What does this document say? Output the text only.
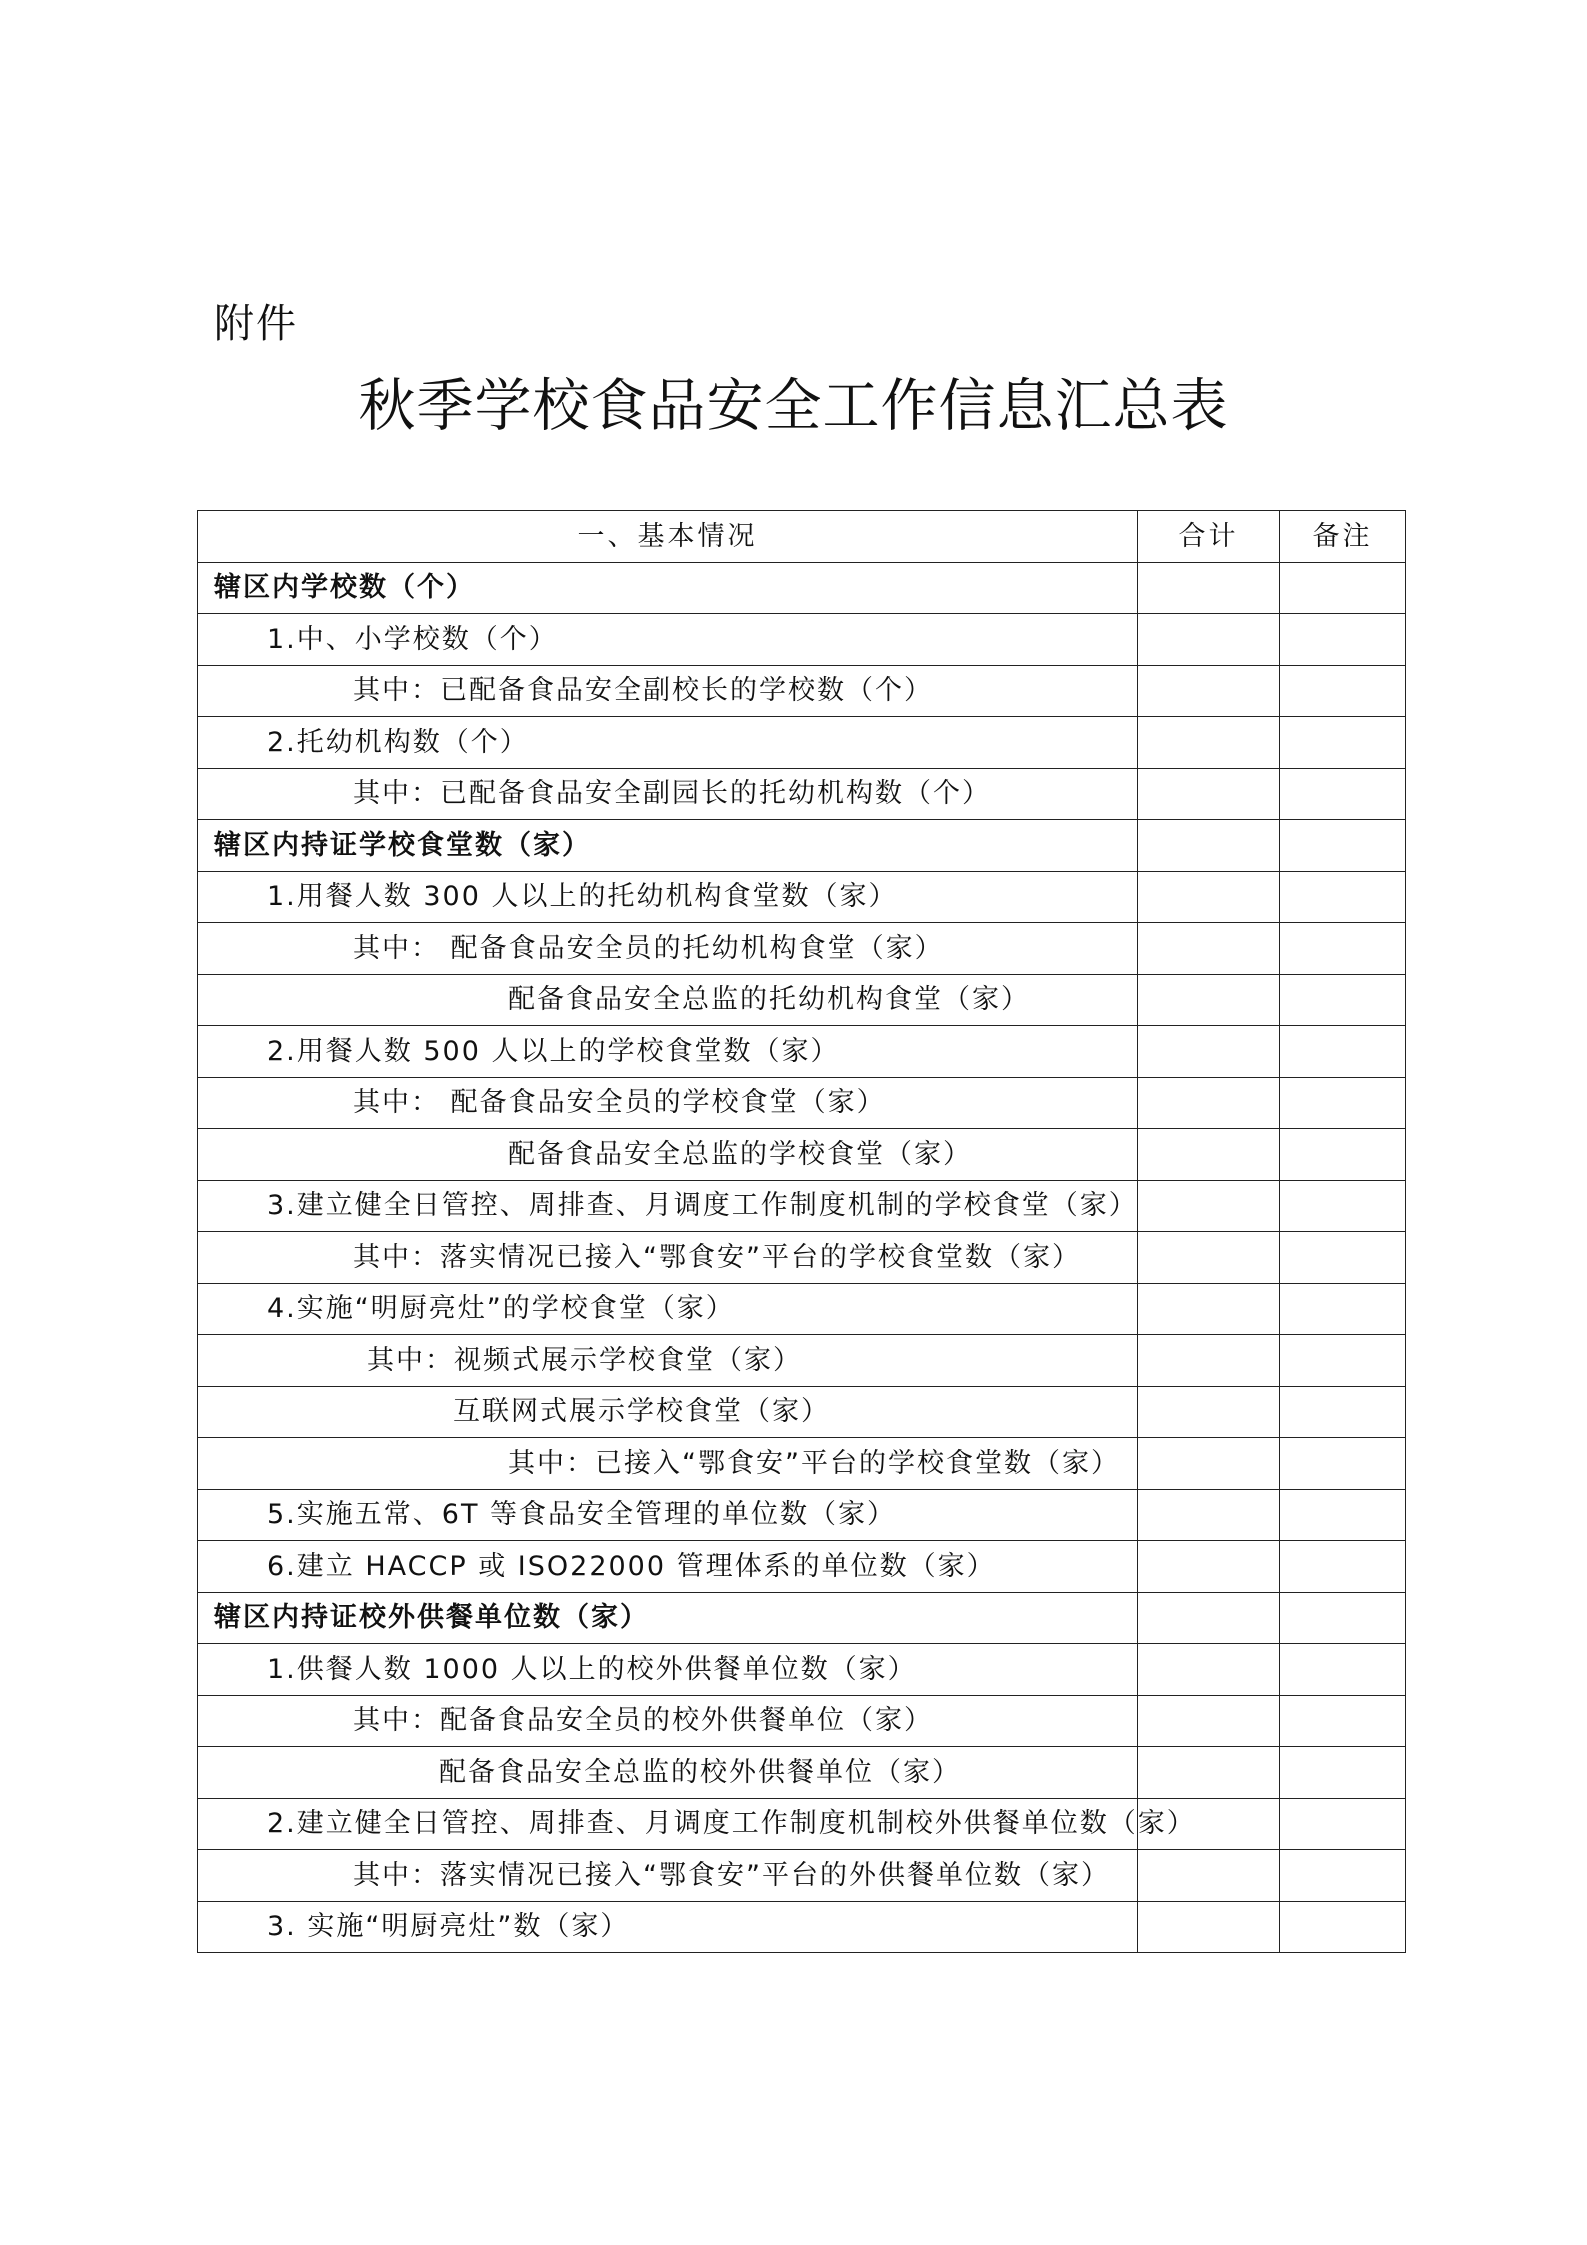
附件
秋季学校食品安全工作信息汇总表
一、基本情况	合计	备注
辖区内学校数（个）		
1.中、小学校数（个）		
其中：已配备食品安全副校长的学校数（个）		
2.托幼机构数（个）		
其中：已配备食品安全副园长的托幼机构数（个）		
辖区内持证学校食堂数（家）		
1.用餐人数 300 人以上的托幼机构食堂数（家）		
其中： 配备食品安全员的托幼机构食堂（家）		
配备食品安全总监的托幼机构食堂（家）		
2.用餐人数 500 人以上的学校食堂数（家）		
其中： 配备食品安全员的学校食堂（家）		
配备食品安全总监的学校食堂（家）		
3.建立健全日管控、周排查、月调度工作制度机制的学校食堂（家）		
其中：落实情况已接入“鄂食安”平台的学校食堂数（家）		
4.实施“明厨亮灶”的学校食堂（家）		
其中：视频式展示学校食堂（家）		
互联网式展示学校食堂（家）		
其中：已接入“鄂食安”平台的学校食堂数（家）		
5.实施五常、6T 等食品安全管理的单位数（家）		
6.建立 HACCP 或 ISO22000 管理体系的单位数（家）		
辖区内持证校外供餐单位数（家）		
1.供餐人数 1000 人以上的校外供餐单位数（家）		
其中：配备食品安全员的校外供餐单位（家）		
配备食品安全总监的校外供餐单位（家）		
2.建立健全日管控、周排查、月调度工作制度机制校外供餐单位数（家）		
其中：落实情况已接入“鄂食安”平台的外供餐单位数（家）		
3. 实施“明厨亮灶”数（家）		
